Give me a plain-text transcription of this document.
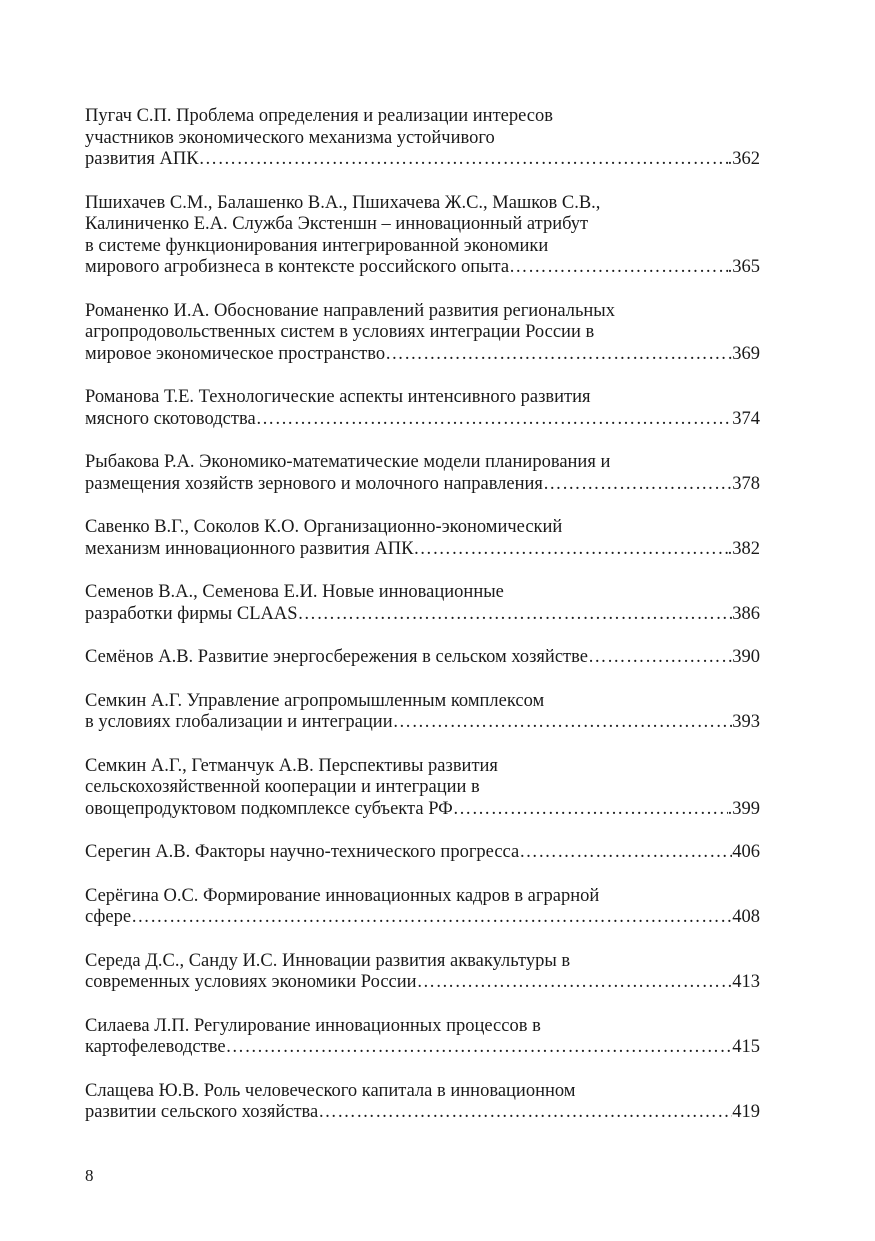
Пугач С.П. Проблема определения и реализации интересов
участников экономического механизма устойчивого
развития АПК …………………………………………………………………………………………………………………………………………………………………………	.362
Пшихачев С.М., Балашенко В.А., Пшихачева Ж.С., Машков С.В.,
Калиниченко Е.А. Служба Экстеншн – инновационный атрибут
в системе функционирования интегрированной экономики
мирового агробизнеса в контексте российского опыта …………………………………………………………………………………………………………………………………………………………………………	.365
Романенко И.А. Обоснование направлений развития региональных
агропродовольственных систем в условиях интеграции России в
мировое экономическое пространство …………………………………………………………………………………………………………………………………………………………………………	369
Романова Т.Е. Технологические аспекты интенсивного развития
мясного скотоводства …………………………………………………………………………………………………………………………………………………………………………	374
Рыбакова Р.А. Экономико-математические модели планирования и
размещения хозяйств зернового и молочного направления …………………………………………………………………………………………………………………………………………………………………………	378
Савенко В.Г., Соколов К.О. Организационно-экономический
механизм инновационного развития АПК …………………………………………………………………………………………………………………………………………………………………………	.382
Семенов В.А., Семенова Е.И. Новые инновационные
разработки фирмы CLAAS …………………………………………………………………………………………………………………………………………………………………………	386
Семёнов А.В. Развитие энергосбережения в сельском хозяйстве …………………………………………………………………………………………………………………………………………………………………………	390
Семкин А.Г. Управление агропромышленным комплексом
в условиях глобализации и интеграции …………………………………………………………………………………………………………………………………………………………………………	393
Семкин А.Г., Гетманчук А.В. Перспективы развития
сельскохозяйственной кооперации и интеграции в
овощепродуктовом подкомплексе субъекта РФ …………………………………………………………………………………………………………………………………………………………………………	.399
Серегин А.В. Факторы научно-технического прогресса …………………………………………………………………………………………………………………………………………………………………………	406
Серёгина О.С. Формирование инновационных кадров в аграрной
сфере …………………………………………………………………………………………………………………………………………………………………………	408
Середа Д.С., Санду И.С. Инновации развития аквакультуры в
современных условиях экономики России …………………………………………………………………………………………………………………………………………………………………………	413
Силаева Л.П. Регулирование инновационных процессов в
картофелеводстве …………………………………………………………………………………………………………………………………………………………………………	415
Слащева Ю.В. Роль человеческого капитала в инновационном
развитии сельского хозяйства …………………………………………………………………………………………………………………………………………………………………………	419
8
